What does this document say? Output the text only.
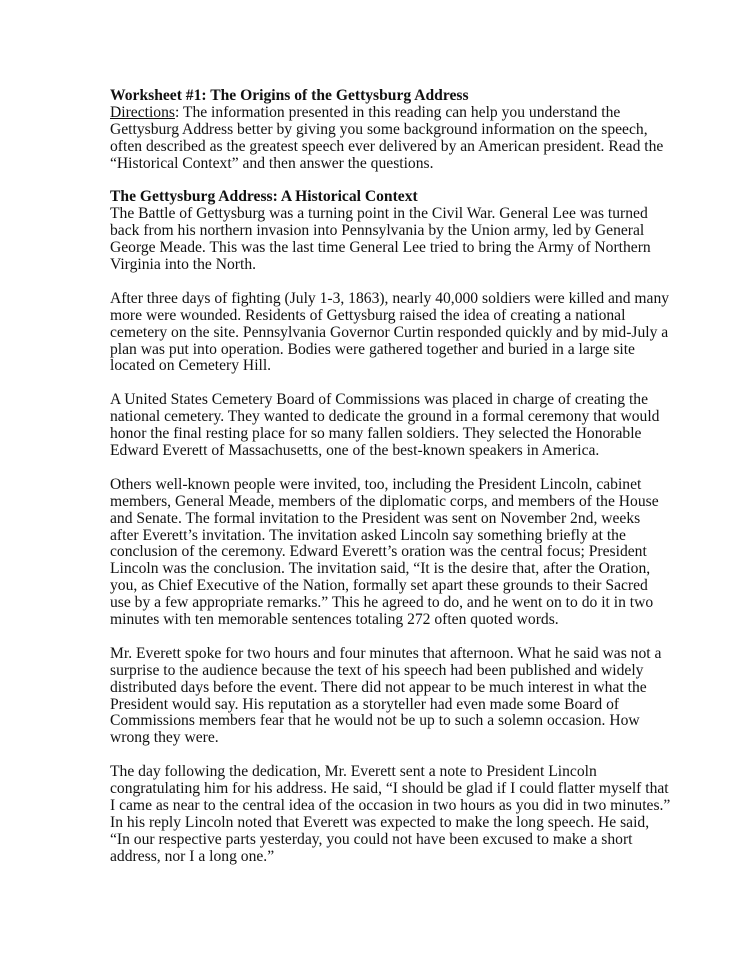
Worksheet #1: The Origins of the Gettysburg Address
Directions: The information presented in this reading can help you understand the
Gettysburg Address better by giving you some background information on the speech,
often described as the greatest speech ever delivered by an American president. Read the
“Historical Context” and then answer the questions.
The Gettysburg Address: A Historical Context
The Battle of Gettysburg was a turning point in the Civil War. General Lee was turned
back from his northern invasion into Pennsylvania by the Union army, led by General
George Meade. This was the last time General Lee tried to bring the Army of Northern
Virginia into the North.
After three days of fighting (July 1-3, 1863), nearly 40,000 soldiers were killed and many
more were wounded. Residents of Gettysburg raised the idea of creating a national
cemetery on the site. Pennsylvania Governor Curtin responded quickly and by mid-July a
plan was put into operation. Bodies were gathered together and buried in a large site
located on Cemetery Hill.
A United States Cemetery Board of Commissions was placed in charge of creating the
national cemetery. They wanted to dedicate the ground in a formal ceremony that would
honor the final resting place for so many fallen soldiers. They selected the Honorable
Edward Everett of Massachusetts, one of the best-known speakers in America.
Others well-known people were invited, too, including the President Lincoln, cabinet
members, General Meade, members of the diplomatic corps, and members of the House
and Senate. The formal invitation to the President was sent on November 2nd, weeks
after Everett’s invitation. The invitation asked Lincoln say something briefly at the
conclusion of the ceremony. Edward Everett’s oration was the central focus; President
Lincoln was the conclusion. The invitation said, “It is the desire that, after the Oration,
you, as Chief Executive of the Nation, formally set apart these grounds to their Sacred
use by a few appropriate remarks.” This he agreed to do, and he went on to do it in two
minutes with ten memorable sentences totaling 272 often quoted words.
Mr. Everett spoke for two hours and four minutes that afternoon. What he said was not a
surprise to the audience because the text of his speech had been published and widely
distributed days before the event. There did not appear to be much interest in what the
President would say. His reputation as a storyteller had even made some Board of
Commissions members fear that he would not be up to such a solemn occasion. How
wrong they were.
The day following the dedication, Mr. Everett sent a note to President Lincoln
congratulating him for his address. He said, “I should be glad if I could flatter myself that
I came as near to the central idea of the occasion in two hours as you did in two minutes.”
In his reply Lincoln noted that Everett was expected to make the long speech. He said,
“In our respective parts yesterday, you could not have been excused to make a short
address, nor I a long one.”
